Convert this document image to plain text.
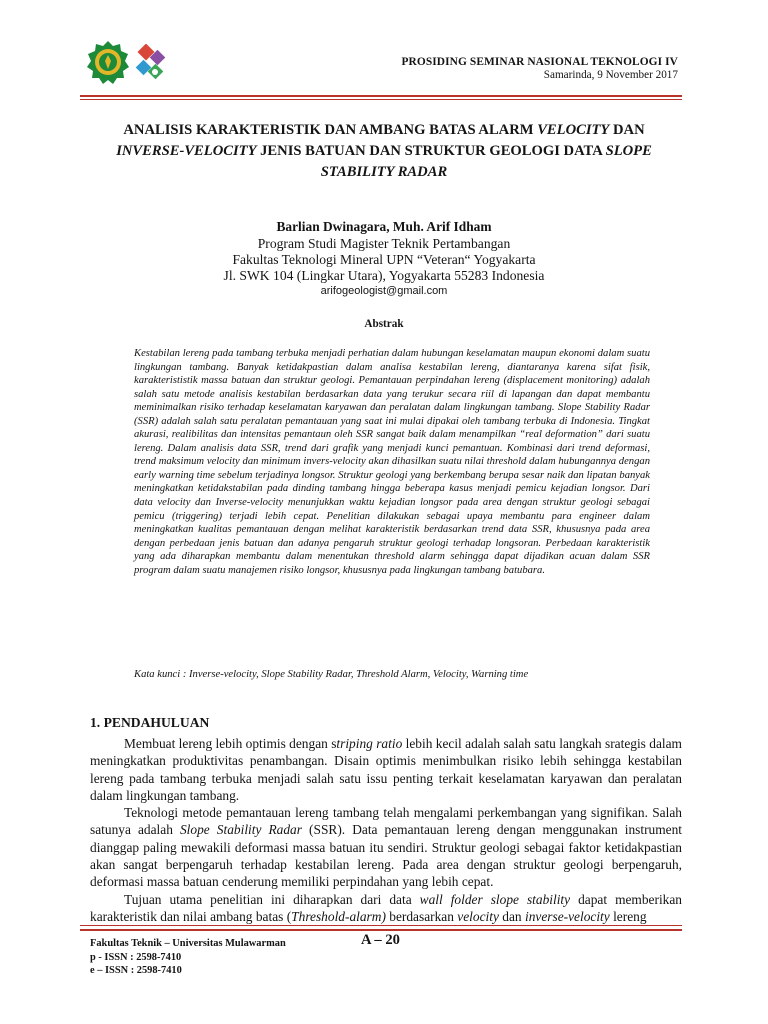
PROSIDING SEMINAR NASIONAL TEKNOLOGI IV
Samarinda, 9 November 2017
ANALISIS KARAKTERISTIK DAN AMBANG BATAS ALARM VELOCITY DAN
INVERSE-VELOCITY JENIS BATUAN DAN STRUKTUR GEOLOGI DATA SLOPE
STABILITY RADAR
Barlian Dwinagara, Muh. Arif Idham
Program Studi Magister Teknik Pertambangan
Fakultas Teknologi Mineral UPN “Veteran“ Yogyakarta
Jl. SWK 104 (Lingkar Utara), Yogyakarta 55283 Indonesia
arifogeologist@gmail.com
Abstrak

Kestabilan lereng pada tambang terbuka menjadi perhatian dalam hubungan keselamatan maupun ekonomi dalam suatu lingkungan tambang. Banyak ketidakpastian dalam analisa kestabilan lereng, diantaranya karena sifat fisik, karakterististik massa batuan dan struktur geologi. Pemantauan perpindahan lereng (displacement monitoring) adalah salah satu metode analisis kestabilan berdasarkan data yang terukur secara riil di lapangan dan dapat membantu meminimalkan risiko terhadap keselamatan karyawan dan peralatan dalam lingkungan tambang. Slope Stability Radar (SSR) adalah salah satu peralatan pemantauan yang saat ini mulai dipakai oleh tambang terbuka di Indonesia. Tingkat akurasi, realibilitas dan intensitas pemantaun oleh SSR sangat baik dalam menampilkan “real deformation” dari suatu lereng. Dalam analisis data SSR, trend dari grafik yang menjadi kunci pemantuan. Kombinasi dari trend deformasi, trend maksimum velocity dan minimum invers-velocity akan dihasilkan suatu nilai threshold dalam hubungannya dengan early warning time sebelum terjadinya longsor. Struktur geologi yang berkembang berupa sesar naik dan lipatan banyak meningkatkan ketidakstabilan pada dinding tambang hingga beberapa kasus menjadi pemicu kejadian longsor. Dari data velocity dan Inverse-velocity menunjukkan waktu kejadian longsor pada area dengan struktur geologi sebagai pemicu (triggering) terjadi lebih cepat. Penelitian dilakukan sebagai upaya membantu para engineer dalam meningkatkan kualitas pemantauan dengan melihat karakteristik berdasarkan trend data SSR, khususnya pada area dengan perbedaan jenis batuan dan adanya pengaruh struktur geologi terhadap longsoran. Perbedaan karakteristik yang ada diharapkan membantu dalam menentukan threshold alarm sehingga dapat dijadikan acuan dalam SSR program dalam suatu manajemen risiko longsor, khususnya pada lingkungan tambang batubara.

Kata kunci : Inverse-velocity, Slope Stability Radar, Threshold Alarm, Velocity, Warning time
1. PENDAHULUAN

Membuat lereng lebih optimis dengan striping ratio lebih kecil adalah salah satu langkah srategis dalam meningkatkan produktivitas penambangan. Disain optimis menimbulkan risiko lebih sehingga kestabilan lereng pada tambang terbuka menjadi salah satu issu penting terkait keselamatan karyawan dan peralatan dalam lingkungan tambang.

Teknologi metode pemantauan lereng tambang telah mengalami perkembangan yang signifikan. Salah satunya adalah Slope Stability Radar (SSR). Data pemantauan lereng dengan menggunakan instrument dianggap paling mewakili deformasi massa batuan itu sendiri. Struktur geologi sebagai faktor ketidakpastian akan sangat berpengaruh terhadap kestabilan lereng. Pada area dengan struktur geologi berpengaruh, deformasi massa batuan cenderung memiliki perpindahan yang lebih cepat.

Tujuan utama penelitian ini diharapkan dari data wall folder slope stability dapat memberikan karakteristik dan nilai ambang batas (Threshold-alarm) berdasarkan velocity dan inverse-velocity lereng

Fakultas Teknik – Universitas Mulawarman
p - ISSN : 2598-7410
e – ISSN : 2598-7410
A – 20
